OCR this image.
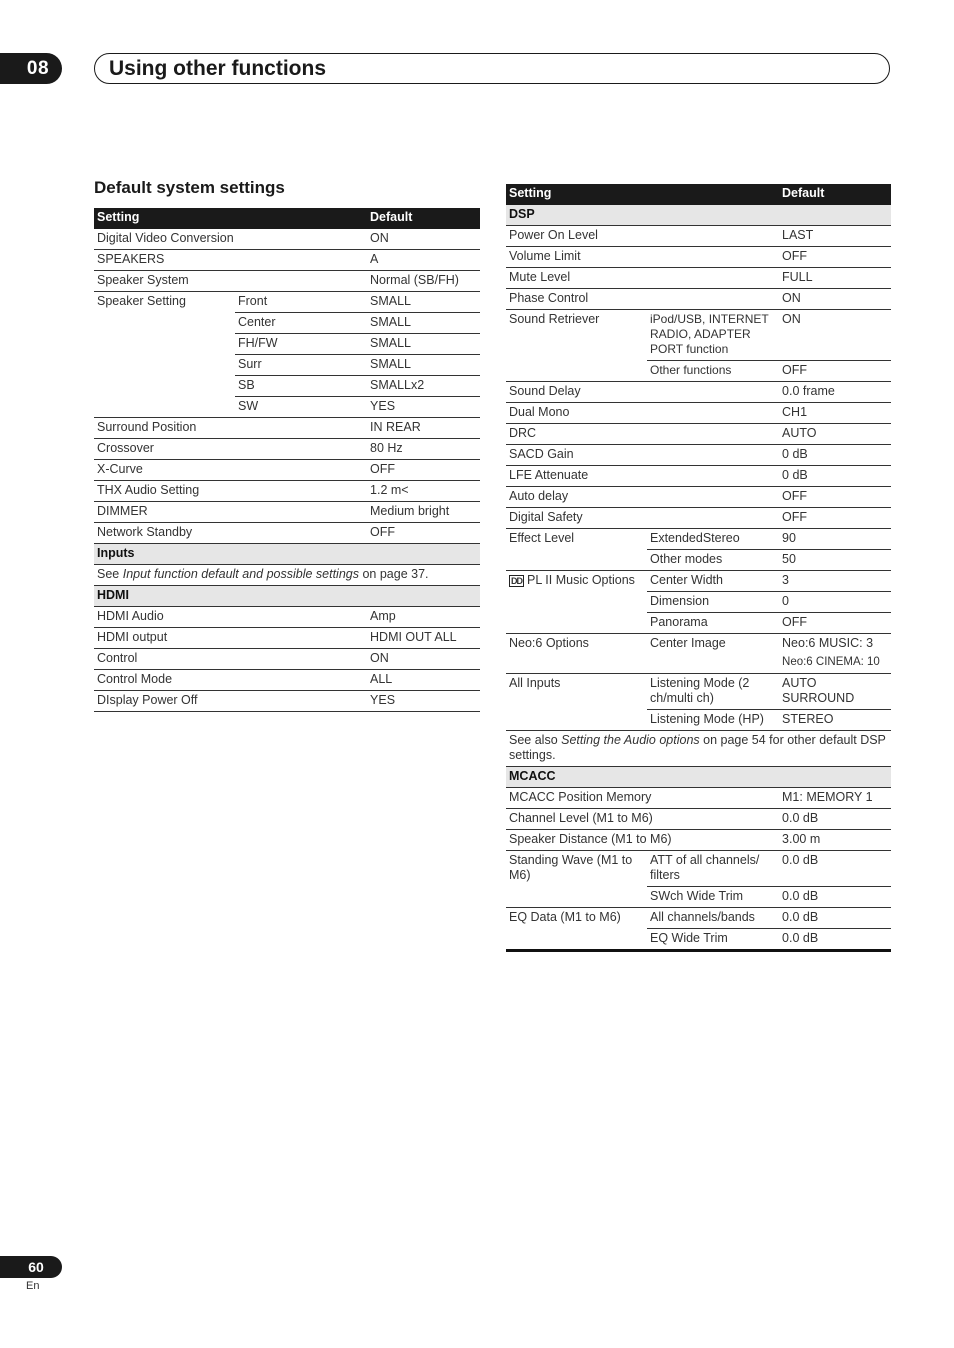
08	Using other functions
Default system settings
Setting		Default
Digital Video Conversion		ON
SPEAKERS		A
Speaker System		Normal (SB/FH)
Speaker Setting	Front	SMALL
	Center	SMALL
	FH/FW	SMALL
	Surr	SMALL
	SB	SMALLx2
	SW	YES
Surround Position		IN REAR
Crossover		80 Hz
X-Curve		OFF
THX Audio Setting		1.2 m<
DIMMER		Medium bright
Network Standby		OFF
Inputs		
See Input function default and possible settings on page 37.		
HDMI		
HDMI Audio		Amp
HDMI output		HDMI OUT ALL
Control		ON
Control Mode		ALL
DIsplay Power Off		YES
Setting		Default
DSP		
Power On Level		LAST
Volume Limit		OFF
Mute Level		FULL
Phase Control		ON
Sound Retriever	iPod/USB, INTERNET RADIO, ADAPTER PORT function	ON
	Other functions	OFF
Sound Delay		0.0 frame
Dual Mono		CH1
DRC		AUTO
SACD Gain		0 dB
LFE Attenuate		0 dB
Auto delay		OFF
Digital Safety		OFF
Effect Level	ExtendedStereo	90
	Other modes	50
DD PL II Music Options	Center Width	3
	Dimension	0
	Panorama	OFF
Neo:6 Options	Center Image	Neo:6 MUSIC: 3
Neo:6 CINEMA: 10

All Inputs	Listening Mode (2 ch/multi ch)	AUTO SURROUND
	Listening Mode (HP)	STEREO
See also Setting the Audio options on page 54 for other default DSP settings.		
MCACC		
MCACC Position Memory		M1: MEMORY 1
Channel Level (M1 to M6)		0.0 dB
Speaker Distance (M1 to M6)		3.00 m
Standing Wave (M1 to M6)	ATT of all channels/ filters	0.0 dB
	SWch Wide Trim	0.0 dB
EQ Data (M1 to M6)	All channels/bands	0.0 dB
	EQ Wide Trim	0.0 dB
60
En
